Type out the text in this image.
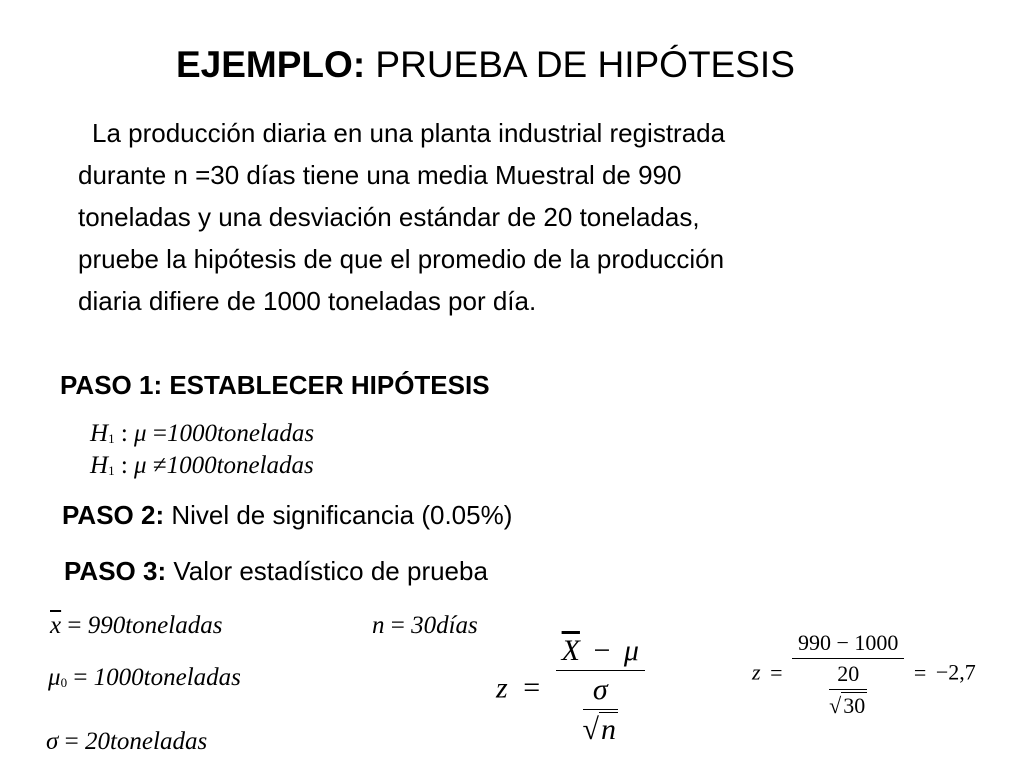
EJEMPLO: PRUEBA DE HIPÓTESIS
La producción diaria en una planta industrial registrada
durante n =30 días tiene una media Muestral de 990
toneladas y una desviación estándar de 20 toneladas,
pruebe la hipótesis de que el promedio de la producción
diaria difiere de 1000 toneladas por día.
PASO 1: ESTABLECER HIPÓTESIS
H1 : μ =1000toneladas
H1 : μ ≠1000toneladas
PASO 2: Nivel de significancia (0.05%)
PASO 3: Valor estadístico de prueba
$\overline{x}$ = 990toneladas	n = 30días
μ0 = 1000toneladas
σ = 20toneladas
$z = \frac{\overline{X} - \mu}{\frac{\sigma}{√n}}$	$z = \frac{990 - 1000}{\frac{20}{√30}} = -2,7$
